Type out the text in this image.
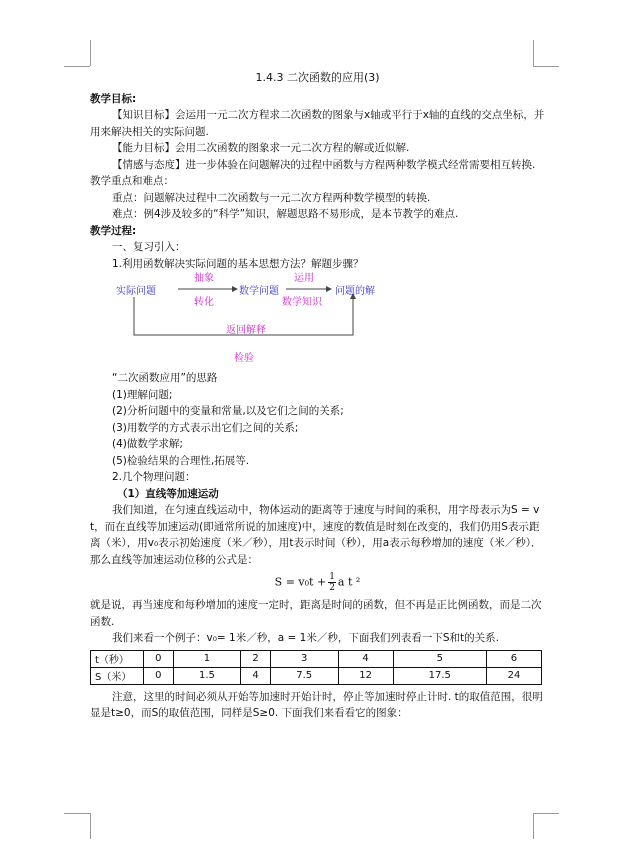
1.4.3 二次函数的应用(3)

教学目标:

【知识目标】会运用一元二次方程求二次函数的图象与x轴或平行于x轴的直线的交点坐标，并用来解决相关的实际问题.

【能力目标】会用二次函数的图象求一元二次方程的解或近似解.

【情感与态度】进一步体验在问题解决的过程中函数与方程两种数学模式经常需要相互转换.

教学重点和难点：

重点：问题解决过程中二次函数与一元二次方程两种数学模型的转换.

难点：例4涉及较多的“科学”知识，解题思路不易形成，是本节教学的难点.

教学过程:

一、复习引入：

1.利用函数解决实际问题的基本思想方法？解题步骤？

实际问题
抽象
转化
数学问题
运用
数学知识
问题的解
返回解释
检验

“二次函数应用”的思路

(1)理解问题;

(2)分析问题中的变量和常量,以及它们之间的关系;

(3)用数学的方式表示出它们之间的关系;

(4)做数学求解;

(5)检验结果的合理性,拓展等.

2.几个物理问题：

（1）直线等加速运动

我们知道，在匀速直线运动中，物体运动的距离等于速度与时间的乘积，用字母表示为S = v t，而在直线等加速运动(即通常所说的加速度)中，速度的数值是时刻在改变的，我们仍用S表示距离（米），用v₀表示初始速度（米／秒），用t表示时间（秒），用a表示每秒增加的速度（米／秒）．那么直线等加速运动位移的公式是：

$S = v_0t + \frac{1}{2}$ a t ²

就是说，再当速度和每秒增加的速度一定时，距离是时间的函数，但不再是正比例函数，而是二次函数.

我们来看一个例子：v₀= 1米／秒，a = 1米／秒，下面我们列表看一下S和t的关系.

t（秒）	0	1	2	3	4	5	6
S（米）	0	1.5	4	7.5	12	17.5	24

注意，这里的时间必须从开始等加速时开始计时，停止等加速时停止计时. t的取值范围，很明显是t≥0，而S的取值范围，同样是S≥0. 下面我们来看看它的图象：
